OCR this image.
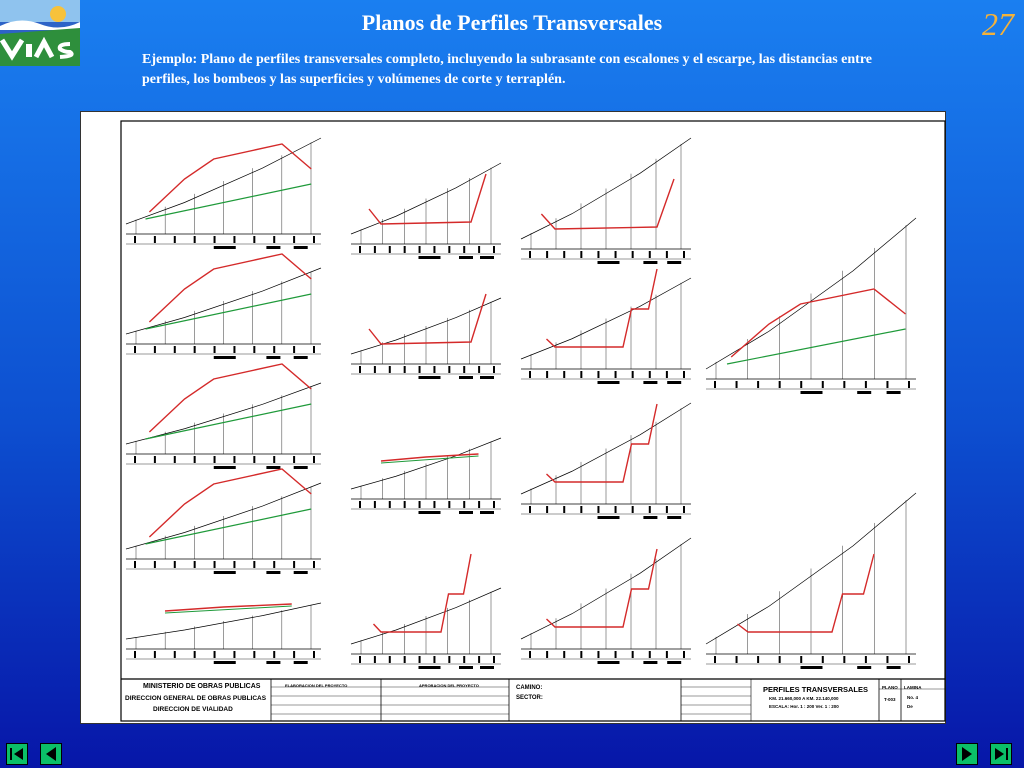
Planos de Perfiles Transversales	27
Ejemplo: Plano de perfiles transversales completo, incluyendo la subrasante con escalones y el escarpe, las distancias entre perfiles, los bombeos y las superficies y volúmenes de corte y terraplén.
MINISTERIO DE OBRAS PUBLICAS
DIRECCION GENERAL DE OBRAS PUBLICAS
DIRECCION DE VIALIDAD
ELABORACION DEL PROYECTO	APROBACION DEL PROYECTO	CAMINO:
SECTOR:
PERFILES TRANSVERSALES
KM. 21.660,000 A KM. 22.140,000
ESCALA: Hor. 1 : 200 Ver. 1 : 200
PLANO LAMINA
T-003	No. 4
De
